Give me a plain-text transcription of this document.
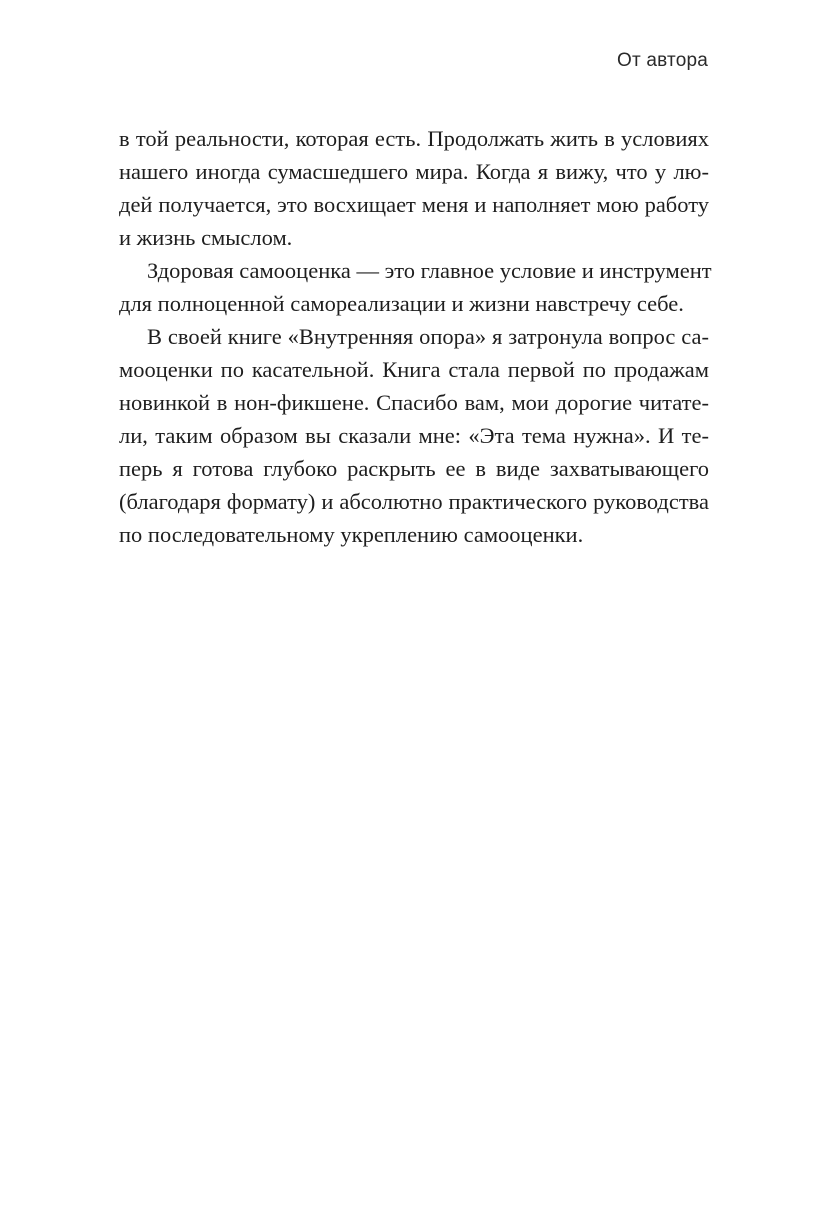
От автора
в той реальности, которая есть. Продолжать жить в условиях
нашего иногда сумасшедшего мира. Когда я вижу, что у лю-
дей получается, это восхищает меня и наполняет мою работу
и жизнь смыслом.
Здоровая самооценка — это главное условие и инструмент
для полноценной самореализации и жизни навстречу себе.
В своей книге «Внутренняя опора» я затронула вопрос са-
мооценки по касательной. Книга стала первой по продажам
новинкой в нон-фикшене. Спасибо вам, мои дорогие читате-
ли, таким образом вы сказали мне: «Эта тема нужна». И те-
перь я готова глубоко раскрыть ее в виде захватывающего
(благодаря формату) и абсолютно практического руководства
по последовательному укреплению самооценки.
